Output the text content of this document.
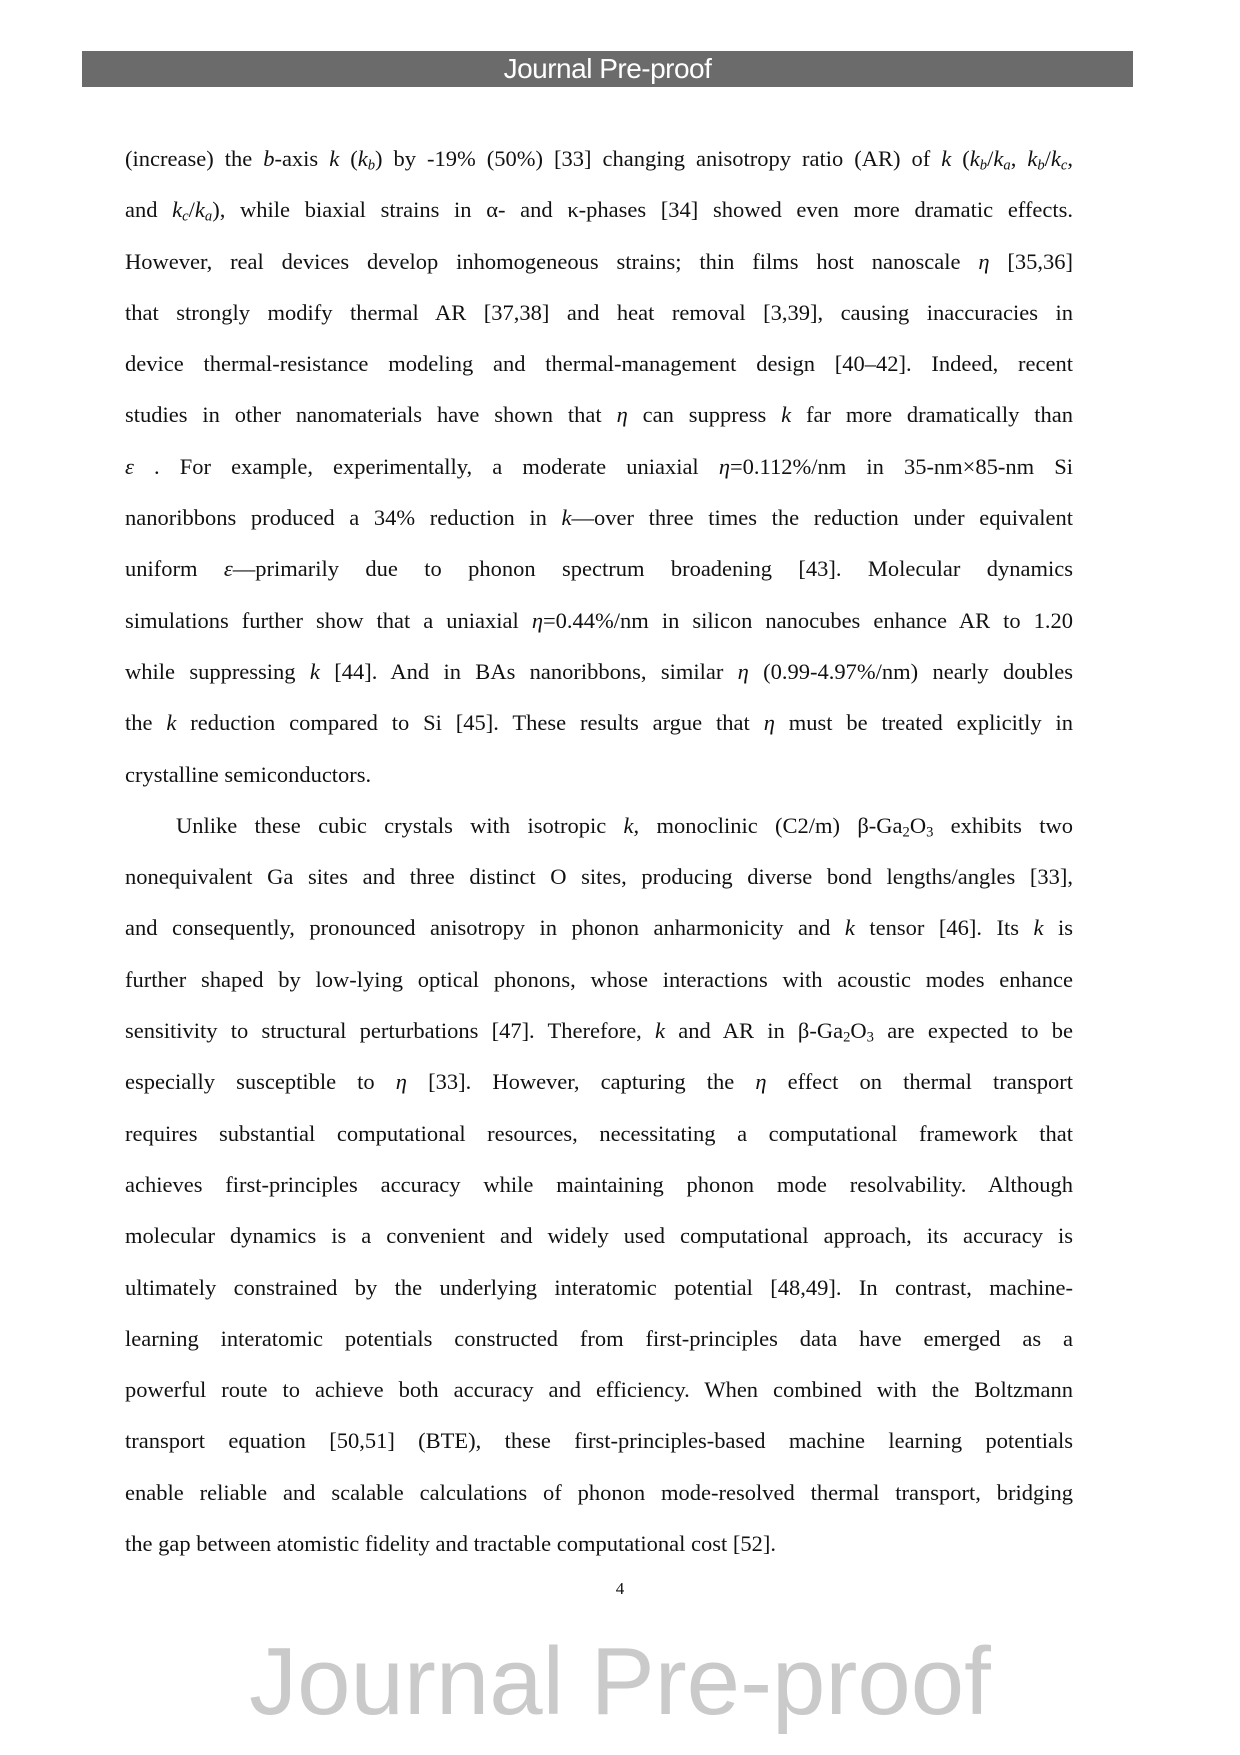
Journal Pre-proof
(increase) the b-axis k $(k_b)$ by -19% (50%) [33] changing anisotropy ratio (AR) of k ($k_b/k_a$, $k_b/k_c$,
and $k_c/k_a$), while biaxial strains in α- and κ-phases [34] showed even more dramatic effects.
However, real devices develop inhomogeneous strains; thin films host nanoscale η [35,36]
that strongly modify thermal AR [37,38] and heat removal [3,39], causing inaccuracies in
device thermal-resistance modeling and thermal-management design [40–42]. Indeed, recent
studies in other nanomaterials have shown that η can suppress k far more dramatically than
ε . For example, experimentally, a moderate uniaxial η=0.112%/nm in 35-nm×85-nm Si
nanoribbons produced a 34% reduction in k—over three times the reduction under equivalent
uniform ε—primarily due to phonon spectrum broadening [43]. Molecular dynamics
simulations further show that a uniaxial η=0.44%/nm in silicon nanocubes enhance AR to 1.20
while suppressing k [44]. And in BAs nanoribbons, similar η (0.99-4.97%/nm) nearly doubles
the k reduction compared to Si [45]. These results argue that η must be treated explicitly in
crystalline semiconductors.
Unlike these cubic crystals with isotropic k, monoclinic (C2/m) $\beta-Ga_2O_3$ exhibits two
nonequivalent Ga sites and three distinct O sites, producing diverse bond lengths/angles [33],
and consequently, pronounced anisotropy in phonon anharmonicity and k tensor [46]. Its k is
further shaped by low-lying optical phonons, whose interactions with acoustic modes enhance
sensitivity to structural perturbations [47]. Therefore, k and AR in $\beta-Ga_2O_3$ are expected to be
especially susceptible to η [33]. However, capturing the η effect on thermal transport
requires substantial computational resources, necessitating a computational framework that
achieves first-principles accuracy while maintaining phonon mode resolvability. Although
molecular dynamics is a convenient and widely used computational approach, its accuracy is
ultimately constrained by the underlying interatomic potential [48,49]. In contrast, machine-
learning interatomic potentials constructed from first-principles data have emerged as a
powerful route to achieve both accuracy and efficiency. When combined with the Boltzmann
transport equation [50,51] (BTE), these first-principles-based machine learning potentials
enable reliable and scalable calculations of phonon mode-resolved thermal transport, bridging
the gap between atomistic fidelity and tractable computational cost [52].
4
Journal Pre-proof
